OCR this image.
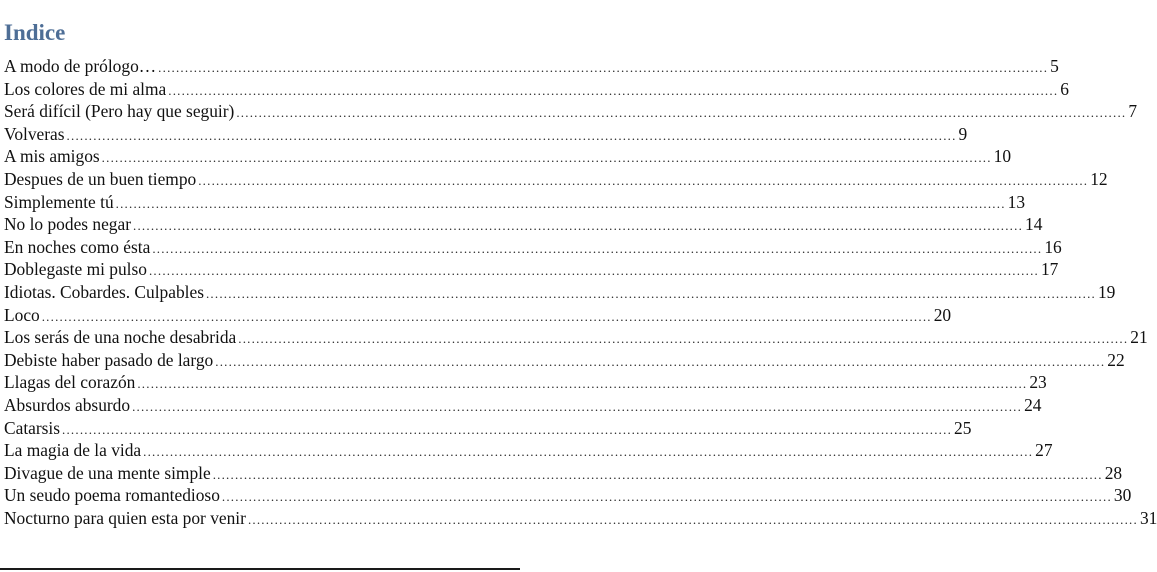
Indice
A modo de prólogo… ........................................................................................................................................................................................................ 5
Los colores de mi alma ........................................................................................................................................................................................................ 6
Será difícil (Pero hay que seguir) ........................................................................................................................................................................................................ 7
Volveras ........................................................................................................................................................................................................ 9
A mis amigos ........................................................................................................................................................................................................ 10
Despues de un buen tiempo ........................................................................................................................................................................................................ 12
Simplemente tú ........................................................................................................................................................................................................ 13
No lo podes negar ........................................................................................................................................................................................................ 14
En noches como ésta ........................................................................................................................................................................................................ 16
Doblegaste mi pulso ........................................................................................................................................................................................................ 17
Idiotas. Cobardes. Culpables ........................................................................................................................................................................................................ 19
Loco ........................................................................................................................................................................................................ 20
Los serás de una noche desabrida ........................................................................................................................................................................................................ 21
Debiste haber pasado de largo ........................................................................................................................................................................................................ 22
Llagas del corazón ........................................................................................................................................................................................................ 23
Absurdos absurdo ........................................................................................................................................................................................................ 24
Catarsis ........................................................................................................................................................................................................ 25
La magia de la vida ........................................................................................................................................................................................................ 27
Divague de una mente simple ........................................................................................................................................................................................................ 28
Un seudo poema romantedioso ........................................................................................................................................................................................................ 30
Nocturno para quien esta por venir ........................................................................................................................................................................................................ 31
